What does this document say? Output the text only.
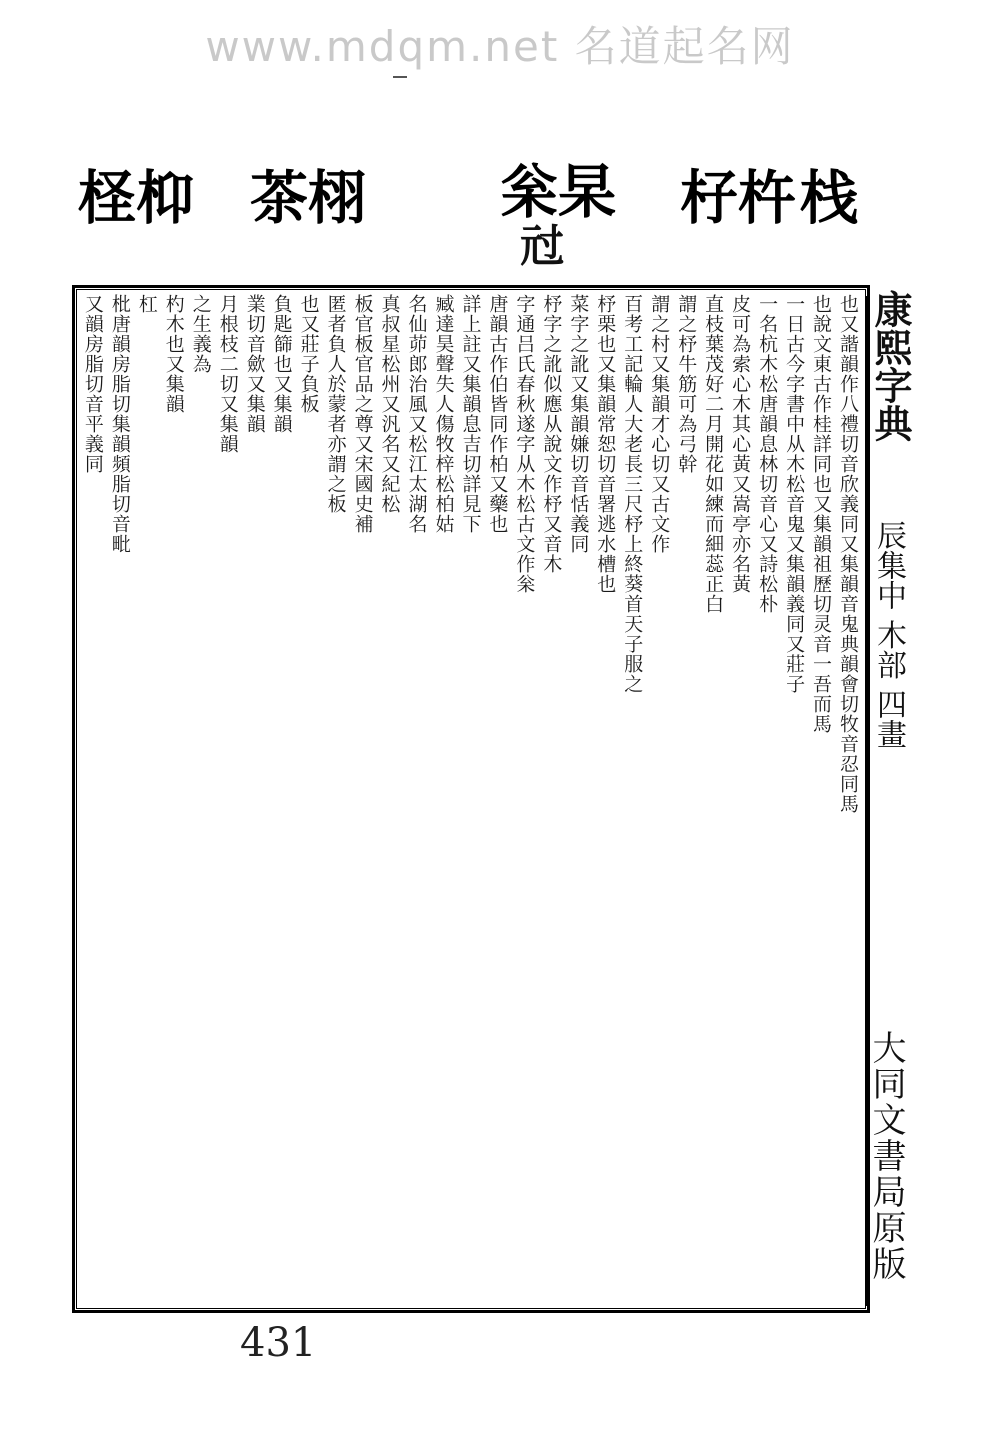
www.mdqm.net 名道起名网
柽枊 茶栩 枀杲
㝴
杍杵 栈
也又諧韻作八禮切音欣義同又集韻音鬼典韻會切牧音忍同馬
也說文東古作桂詳同也又集韻祖歷切灵音一吾而馬
一日古今字書中从木松音鬼又集韻義同又莊子
一名杭木松唐韻息林切音心又詩松朴
皮可為索心木其心黃又嵩亭亦名黃
直枝葉茂好二月開花如練而細蕊正白
謂之杼牛筋可為弓幹
謂之村又集韻才心切又古文作
百考工記輪人大老長三尺杼上終葵首天子服之
杼栗也又集韻常恕切音署逃水槽也
菜字之訛又集韻嫌切音恬義同
杼字之訛似應从說文作杼又音木
字通吕氏春秋遂字从木松古文作枀
唐韻古作伯皆同作柏又藥也
詳上註又集韻息吉切詳見下
臧達昊聲失人傷牧梓松柏姑
名仙茆郎治風又松江太湖名
真叔星松州又汎名又紀松
板官板官品之尊又宋國史補
匿者負人於蒙者亦謂之板
也又莊子負板
負匙篩也又集韻
業切音歛又集韻
月根枝二切又集韻
之生義為
杓木也又集韻
杠
枇唐韻房脂切集韻頻脂切音毗
又韻房脂切音平義同	康熙字典
辰集中 木部 四畫
大同文書局原版
431
